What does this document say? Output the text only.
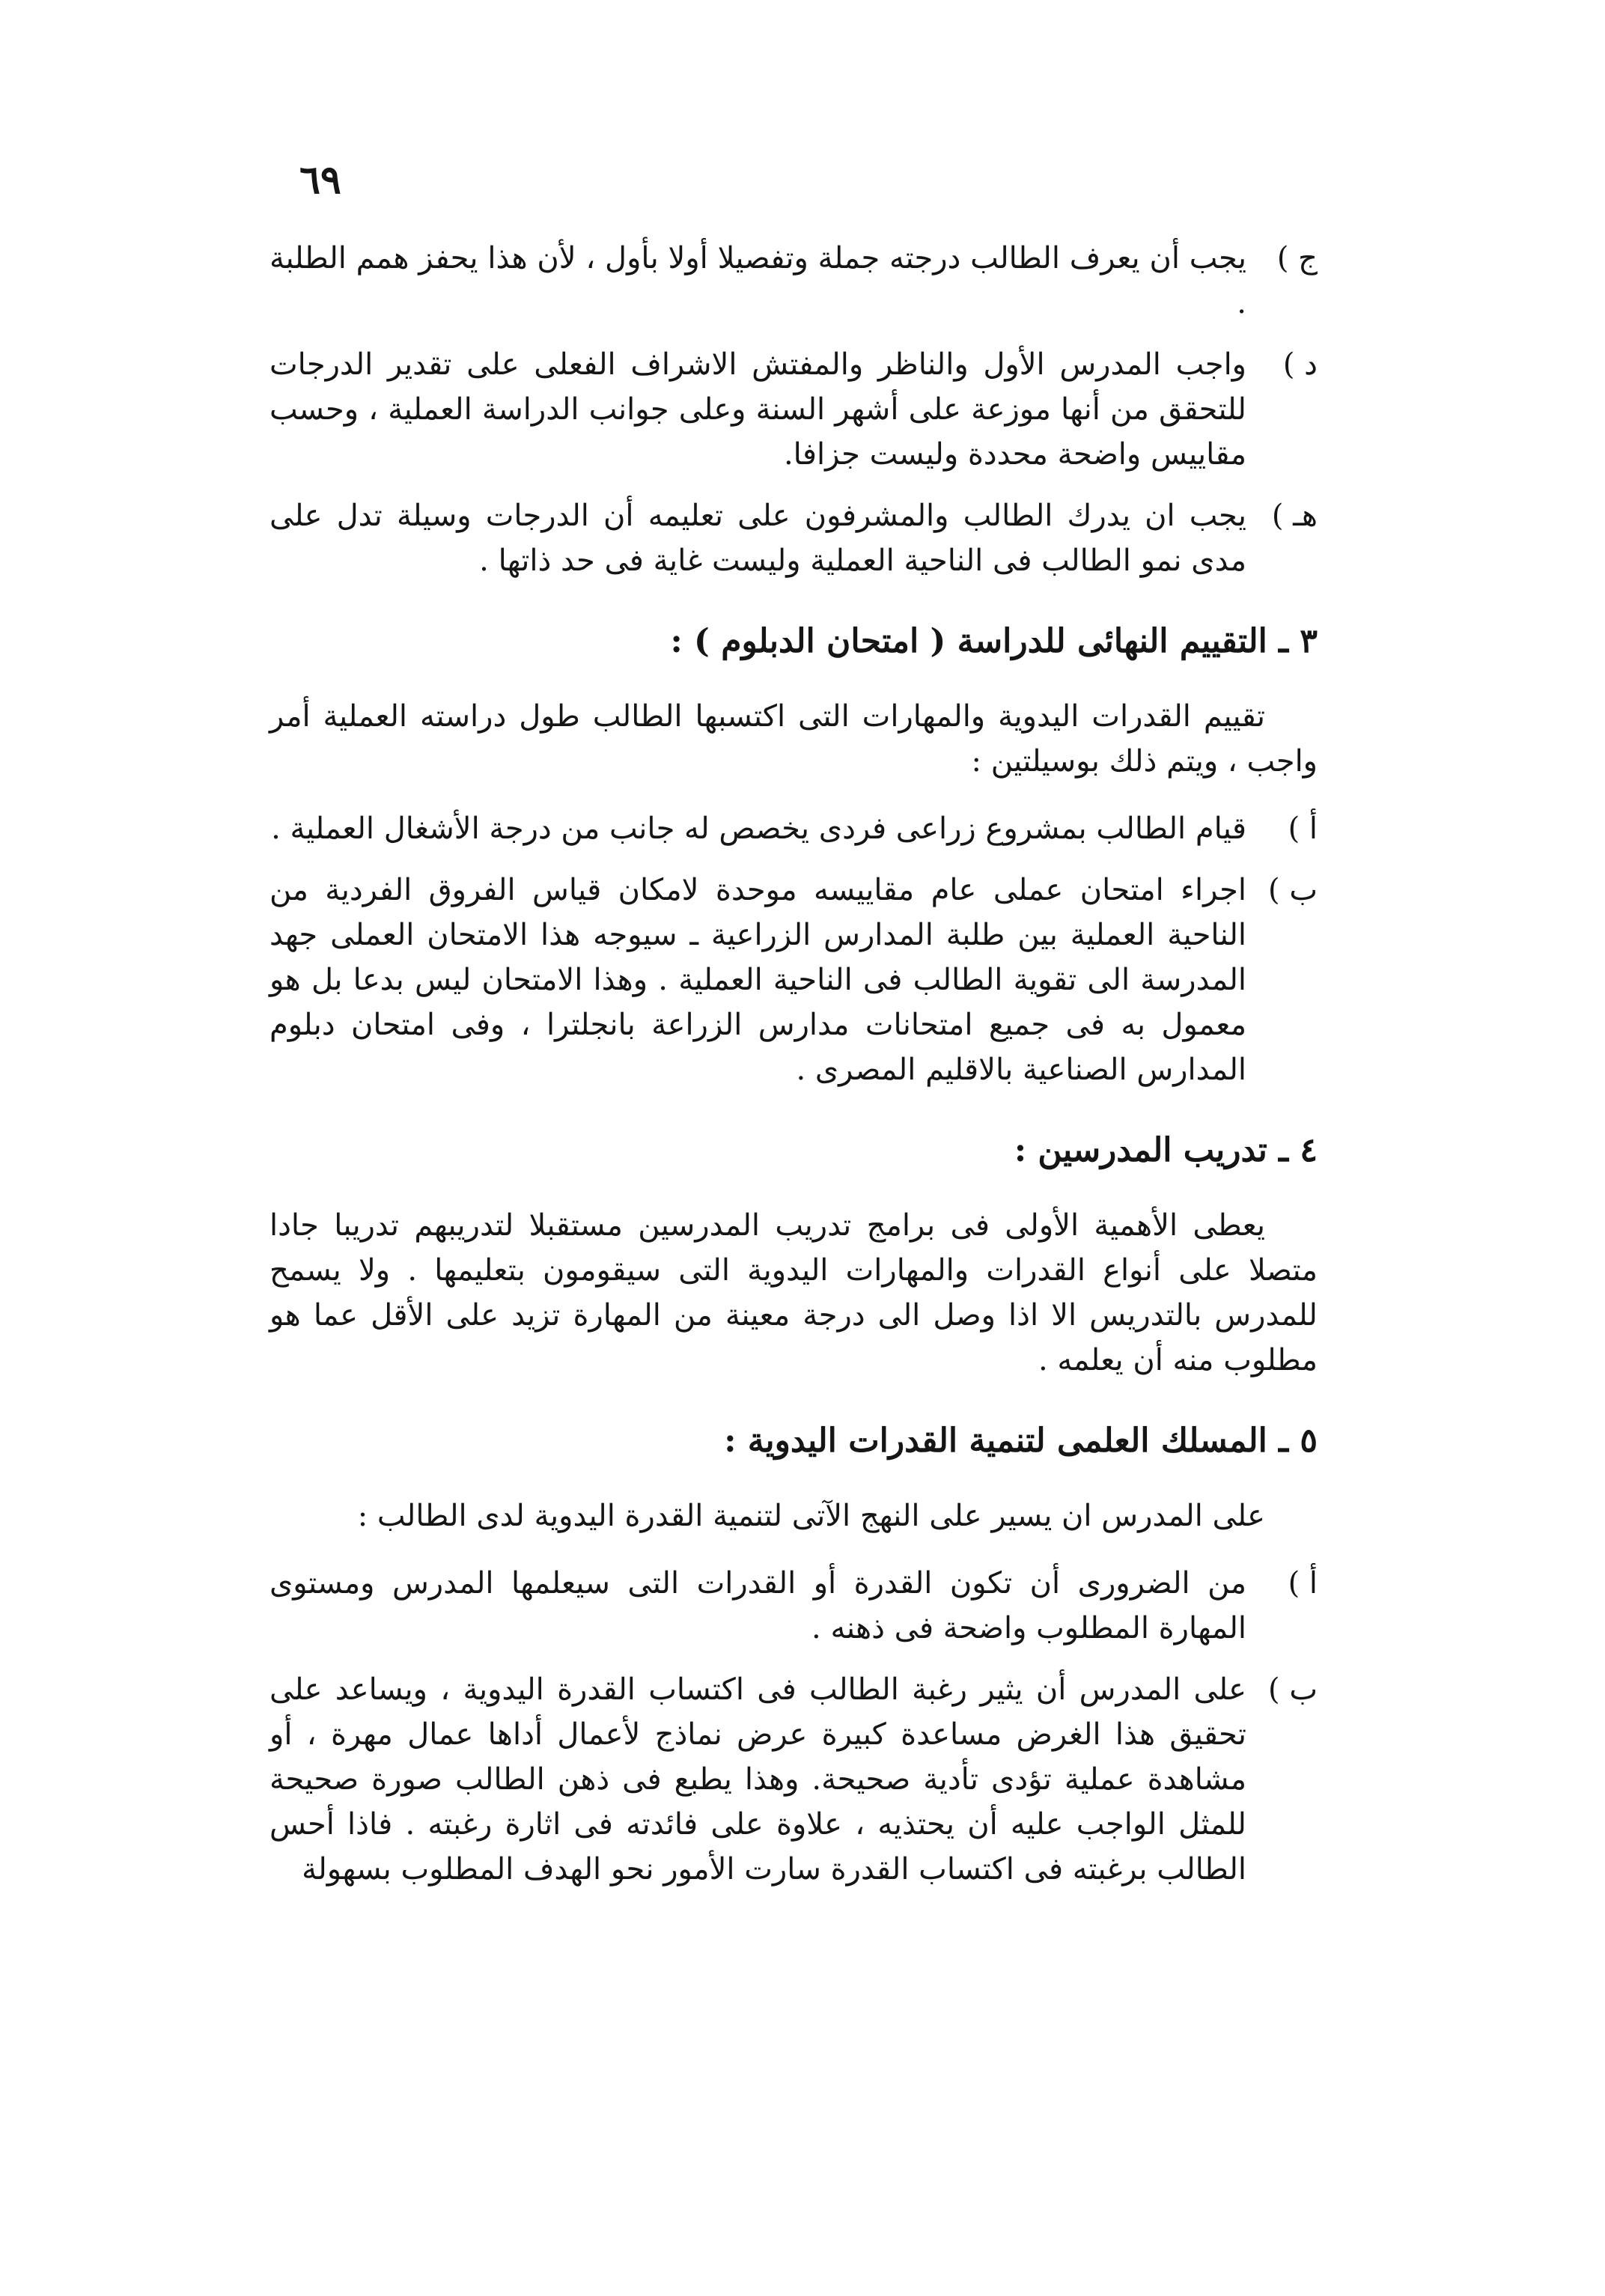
٦٩
ج )
يجب أن يعرف الطالب درجته جملة وتفصيلا أولا بأول ، لأن هذا يحفز همم الطلبة .
د )
واجب المدرس الأول والناظر والمفتش الاشراف الفعلى على تقدير الدرجات للتحقق من أنها موزعة على أشهر السنة وعلى جوانب الدراسة العملية ، وحسب مقاييس واضحة محددة وليست جزافا.
هـ )
يجب ان يدرك الطالب والمشرفون على تعليمه أن الدرجات وسيلة تدل على مدى نمو الطالب فى الناحية العملية وليست غاية فى حد ذاتها .
٣ ـ التقييم النهائى للدراسة ( امتحان الدبلوم ) :
تقييم القدرات اليدوية والمهارات التى اكتسبها الطالب طول دراسته العملية أمر واجب ، ويتم ذلك بوسيلتين :
أ )
قيام الطالب بمشروع زراعى فردى يخصص له جانب من درجة الأشغال العملية .
ب )
اجراء امتحان عملى عام مقاييسه موحدة لامكان قياس الفروق الفردية من الناحية العملية بين طلبة المدارس الزراعية ـ سيوجه هذا الامتحان العملى جهد المدرسة الى تقوية الطالب فى الناحية العملية . وهذا الامتحان ليس بدعا بل هو معمول به فى جميع امتحانات مدارس الزراعة بانجلترا ، وفى امتحان دبلوم المدارس الصناعية بالاقليم المصرى .
٤ ـ تدريب المدرسين :
يعطى الأهمية الأولى فى برامج تدريب المدرسين مستقبلا لتدريبهم تدريبا جادا متصلا على أنواع القدرات والمهارات اليدوية التى سيقومون بتعليمها . ولا يسمح للمدرس بالتدريس الا اذا وصل الى درجة معينة من المهارة تزيد على الأقل عما هو مطلوب منه أن يعلمه .
٥ ـ المسلك العلمى لتنمية القدرات اليدوية :
على المدرس ان يسير على النهج الآتى لتنمية القدرة اليدوية لدى الطالب :
أ )
من الضرورى أن تكون القدرة أو القدرات التى سيعلمها المدرس ومستوى المهارة المطلوب واضحة فى ذهنه .
ب )
على المدرس أن يثير رغبة الطالب فى اكتساب القدرة اليدوية ، ويساعد على تحقيق هذا الغرض مساعدة كبيرة عرض نماذج لأعمال أداها عمال مهرة ، أو مشاهدة عملية تؤدى تأدية صحيحة. وهذا يطبع فى ذهن الطالب صورة صحيحة للمثل الواجب عليه أن يحتذيه ، علاوة على فائدته فى اثارة رغبته . فاذا أحس الطالب برغبته فى اكتساب القدرة سارت الأمور نحو الهدف المطلوب بسهولة
